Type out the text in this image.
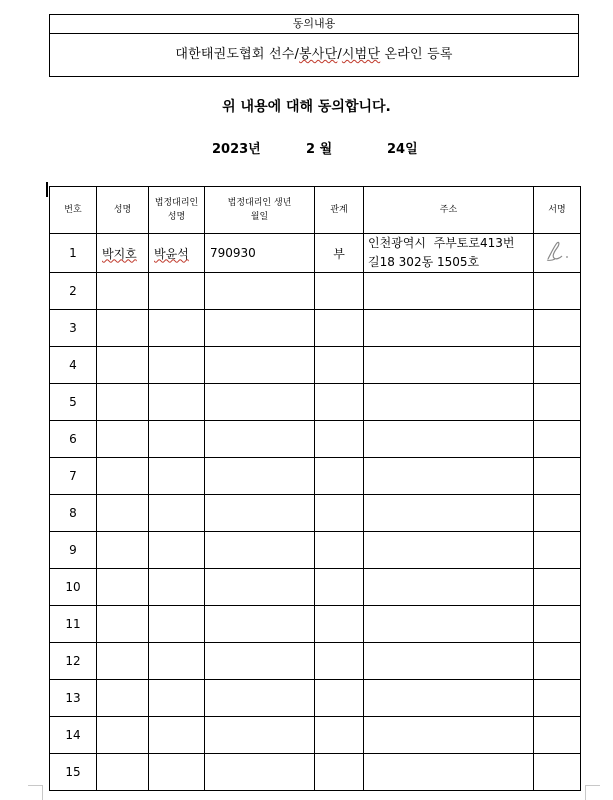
동의내용
대한태권도협회 선수/봉사단/시범단 온라인 등록
위 내용에 대해 동의합니다.
2023년	2 월	24일
번호	성명	법정대리인 성명	법정대리인 생년월일	관계	주소	서명
1	박지호	박윤석	790930	부	인천광역시  주부토로413번
길18 302동 1505호

2						
3						
4						
5						
6						
7						
8						
9						
10						
11						
12						
13						
14						
15						
